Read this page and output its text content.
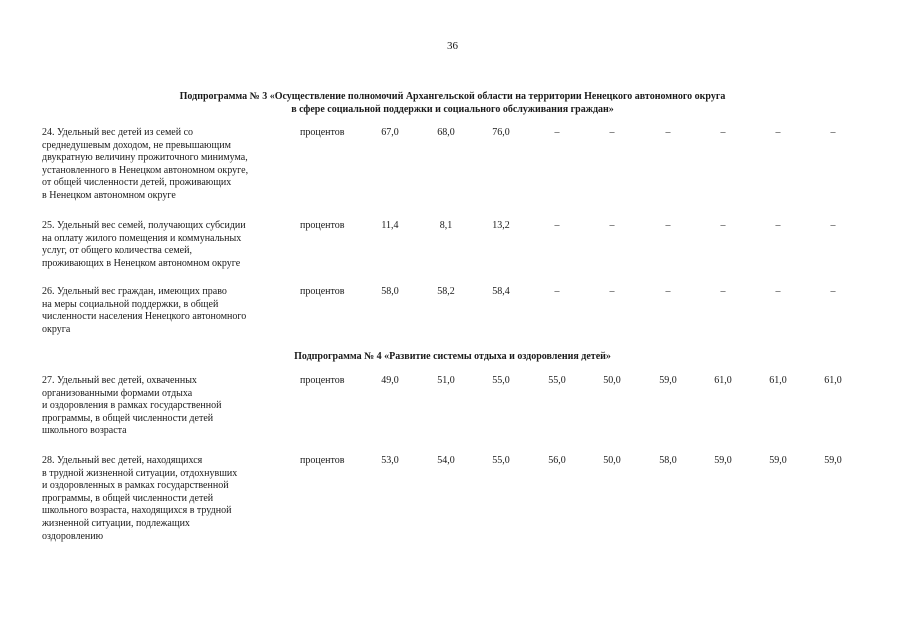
36
Подпрограмма № 3 «Осуществление полномочий Архангельской области на территории Ненецкого автономного округа
в сфере социальной поддержки и социального обслуживания граждан»
24. Удельный вес детей из семей со
среднедушевым доходом, не превышающим
двукратную величину прожиточного минимума,
установленного в Ненецком автономном округе,
от общей численности детей, проживающих
в Ненецком автономном округе
процентов	67,0	68,0	76,0	–	–	–	–	–	–
25. Удельный вес семей, получающих субсидии
на оплату жилого помещения и коммунальных
услуг, от общего количества семей,
проживающих в Ненецком автономном округе
процентов	11,4	8,1	13,2	–	–	–	–	–	–
26. Удельный вес граждан, имеющих право
на меры социальной поддержки, в общей
численности населения Ненецкого автономного
округа
процентов	58,0	58,2	58,4	–	–	–	–	–	–
Подпрограмма № 4 «Развитие системы отдыха и оздоровления детей»
27. Удельный вес детей, охваченных
организованными формами отдыха
и оздоровления в рамках государственной
программы, в общей численности детей
школьного возраста
процентов	49,0	51,0	55,0	55,0	50,0	59,0	61,0	61,0	61,0
28. Удельный вес детей, находящихся
в трудной жизненной ситуации, отдохнувших
и оздоровленных в рамках государственной
программы, в общей численности детей
школьного возраста, находящихся в трудной
жизненной ситуации, подлежащих
оздоровлению
процентов	53,0	54,0	55,0	56,0	50,0	58,0	59,0	59,0	59,0
